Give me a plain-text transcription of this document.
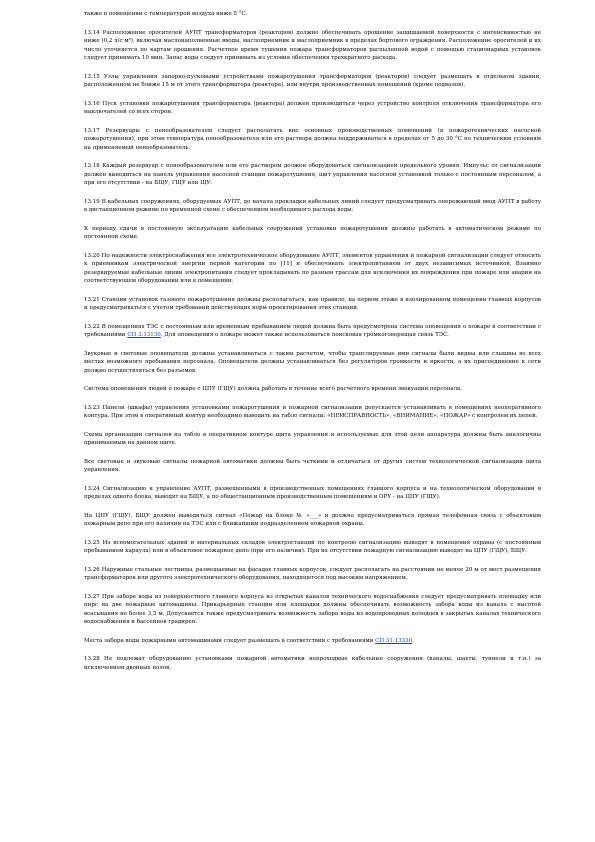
также в помещении с температурой воздуха ниже 5 °С.

13.14 Расположение оросителей АУПТ трансформаторов (реакторов) должно обеспечивать орошение защищаемой поверхности с интенсивностью не ниже (0,2 л/с·м²), включая маслонаполненные вводы, маслоприемник и маслоприемник в пределах бортового ограждения. Расположение оросителей и их число уточняется по картам орошения. Расчетное время тушения пожара трансформаторов распыленной водой с помощью стационарных установок следует принимать 10 мин. Запас воды следует принимать из условия обеспечения трехкратного расхода.

13.15 Узлы управления запорно-пусковыми устройствами пожаротушения трансформаторов (реакторов) следует размещать в отдельном здании, расположенном не ближе 15 м от этого трансформатора (реактора), или внутри производственных помещений (кроме подвалов).

13.16 Пуск установки пожаротушения трансформатора (реактора) должен производиться через устройство контроля отключения трансформатора его выключателей со всех сторон.

13.17 Резервуары с пенообразователем следует располагать вне основных производственных помещений (в пожаротехнических насосной пожаротушения), при этом температура пенообразователя или его раствора должна поддерживаться в пределах от 5 до 30 °С по техническим условиям на применяемый пенообразователь.

13.18 Каждый резервуар с пенообразователем или его раствором должен оборудоваться сигнализацией предельного уровня. Импульс от сигнализации должен выводиться на панель управления насосной станции пожаротушения, щит управления насосной установкой только с постоянным персоналом, а при его отсутствии - на БЩУ, ГЩУ или ЩУ.

13.19 В кабельных сооружениях, оборудуемых АУПТ, до начала прокладки кабельных линий следует предусматривать опережающий ввод АУПТ в работу в дистанционном режиме по временной схеме с обеспечением необходимого расхода воды.

К периоду сдачи в постоянную эксплуатацию кабельных сооружений установки пожаротушения должны работать в автоматическом режиме по постоянной схеме.

13.20 По надежности электроснабжения все электротехническое оборудование АУПТ, элементов управления и пожарной сигнализации следует относить к приемникам электрической энергии первой категории по [11] и обеспечивать электропитанием от двух независимых источников. Взаимно резервируемые кабельные линии электропитания следует прокладывать по разным трассам для исключения их повреждения при пожаре или аварии на соответствующем оборудовании или в помещении.

13.21 Станции установок газового пожаротушения должны располагаться, как правило, на первом этаже в изолированном помещении главных корпусов и предусматриваться с учетом требований действующих норм проектирования этих станций.

13.22 В помещениях ТЭС с постоянным или временным пребыванием людей должна быть предусмотрена система оповещения о пожаре в соответствии с требованиями СП 3.13130. Для оповещения о пожаре может также использоваться поисковая громкоговорящая связь ТЭС.

Звуковые и световые оповещатели должны устанавливаться с таким расчетом, чтобы транслируемые ими сигналы были видны или слышны во всех местах возможного пребывания персонала. Оповещатели должны устанавливаться без регуляторов громкости и яркости, а их присоединение к сети должно осуществляться без разъемов.

Система оповещения людей о пожаре с ЦПУ (ГЩУ) должна работать в течение всего расчетного времени эвакуации персонала.

13.23 Панели (шкафы) управления установками пожаротушения и пожарной сигнализации допускается устанавливать в помещениях неоперативного контура. При этом в оперативный контур необходимо выводить на табло сигналы: «НЕИСПРАВНОСТЬ», «ВНИМАНИЕ», «ПОЖАР» с контролем их цепей.

Схема организации сигналов на табло в оперативном контуре щита управления и используемые для этой цели аппаратура должны быть аналогичны принимаемым на данном щите.

Все световые и звуковые сигналы пожарной автоматики должны быть четкими и отличаться от других систем технологической сигнализации щита управления.

13.24 Сигнализацию и управление АУПТ, размещенными в производственных помещениях главного корпуса и на технологическом оборудовании в пределах одного блока, выводят на БЩУ, а по общестанционным производственным помещениям и ОРУ - на ЦПУ (ГЩУ).

На ЦПУ (ГЩУ), БЩУ должен выводиться сигнал «Пожар на блоке № «___» и должно предусматриваться прямая телефонная связь с объектовым пожарным депо при его наличии на ТЭС или с ближайшим подразделением пожарной охраны.

13.25 Из вспомогательных зданий и материальных складов электростанций по контролю сигнализацию выводят в помещения охраны (с постоянным пребыванием караула) или в объектовое пожарное депо (при его наличии). При их отсутствии пожарную сигнализацию выводят на ЦПУ (ГЩУ), БЩУ.

13.26 Наружные стальные лестницы, размещаемые на фасадах главных корпусов, следует располагать на расстоянии не менее 20 м от мест размещения трансформаторов или другого электротехнического оборудования, находящегося под высоким напряжением.

13.27 При заборе воды из поверхностного главного корпуса из открытых каналов технического водоснабжения следует предусматривать площадку или пирс на две пожарные автомашины. Прикарьерные станции или площадки должны обеспечивать возможность забора воды из канала с высотой всасывания не более 3,5 м. Допускается также предусматривать возможность забора воды из водопроводных колодцев в закрытых каналах технического водоснабжения и бассейнов градирен.

Места забора воды пожарными автомашинами следует размещать в соответствии с требованиями СП 31.13330.

13.28 Не подлежат оборудованию установками пожарной автоматики непроходные кабельные сооружения (каналы, шахты, туннели и т.п.) за исключением двойных полов.
